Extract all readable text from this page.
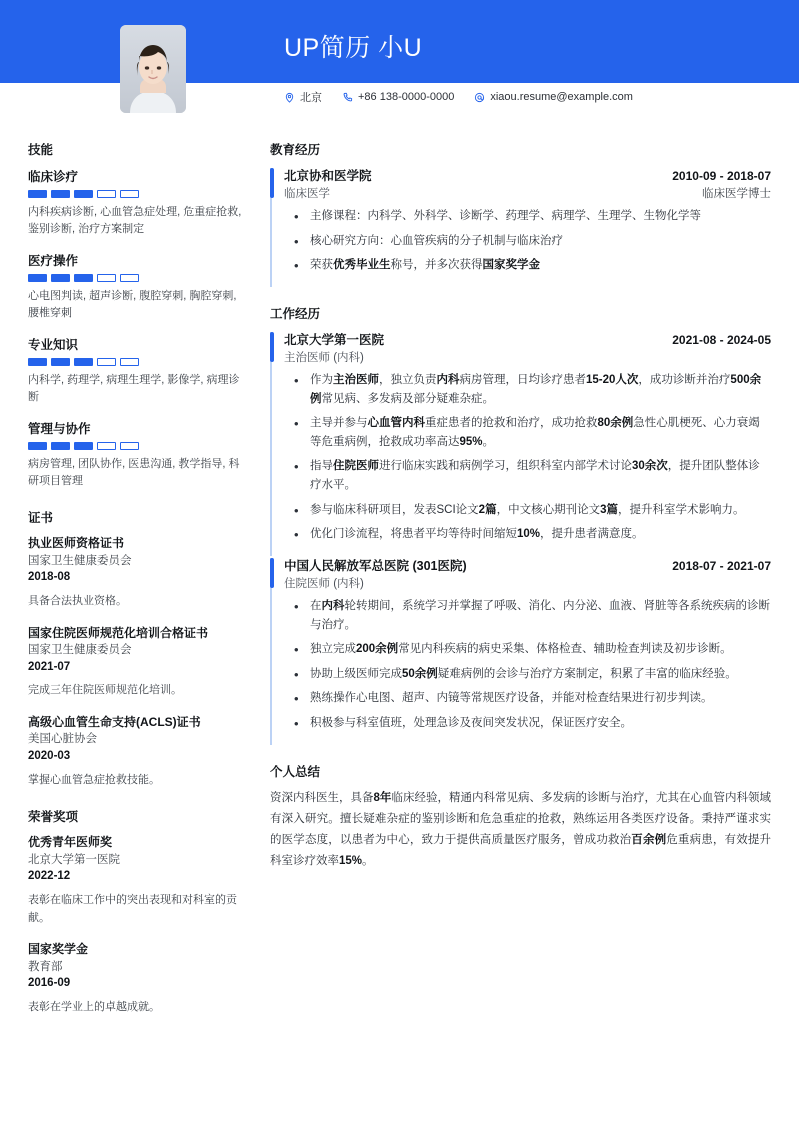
UP简历 小U
北京	+86 138-0000-0000	xiaou.resume@example.com
技能
临床诊疗
内科疾病诊断, 心血管急症处理, 危重症抢救, 鉴别诊断, 治疗方案制定
医疗操作
心电图判读, 超声诊断, 腹腔穿刺, 胸腔穿刺, 腰椎穿刺
专业知识
内科学, 药理学, 病理生理学, 影像学, 病理诊断
管理与协作
病房管理, 团队协作, 医患沟通, 教学指导, 科研项目管理
证书
执业医师资格证书
国家卫生健康委员会
2018-08
具备合法执业资格。
国家住院医师规范化培训合格证书
国家卫生健康委员会
2021-07
完成三年住院医师规范化培训。
高级心血管生命支持(ACLS)证书
美国心脏协会
2020-03
掌握心血管急症抢救技能。
荣誉奖项
优秀青年医师奖
北京大学第一医院
2022-12
表彰在临床工作中的突出表现和对科室的贡献。
国家奖学金
教育部
2016-09
表彰在学业上的卓越成就。
教育经历
北京协和医学院	2010-09 - 2018-07
临床医学	临床医学博士
• 主修课程：内科学、外科学、诊断学、药理学、病理学、生理学、生物化学等
• 核心研究方向：心血管疾病的分子机制与临床治疗
• 荣获优秀毕业生称号，并多次获得国家奖学金
工作经历
北京大学第一医院	2021-08 - 2024-05
主治医师 (内科)
• 作为主治医师，独立负责内科病房管理，日均诊疗患者15-20人次，成功诊断并治疗500余例常见病、多发病及部分疑难杂症。
• 主导并参与心血管内科重症患者的抢救和治疗，成功抢救80余例急性心肌梗死、心力衰竭等危重病例，抢救成功率高达95%。
• 指导住院医师进行临床实践和病例学习，组织科室内部学术讨论30余次，提升团队整体诊疗水平。
• 参与临床科研项目，发表SCI论文2篇，中文核心期刊论文3篇，提升科室学术影响力。
• 优化门诊流程，将患者平均等待时间缩短10%，提升患者满意度。
中国人民解放军总医院 (301医院)	2018-07 - 2021-07
住院医师 (内科)
• 在内科轮转期间，系统学习并掌握了呼吸、消化、内分泌、血液、肾脏等各系统疾病的诊断与治疗。
• 独立完成200余例常见内科疾病的病史采集、体格检查、辅助检查判读及初步诊断。
• 协助上级医师完成50余例疑难病例的会诊与治疗方案制定，积累了丰富的临床经验。
• 熟练操作心电图、超声、内镜等常规医疗设备，并能对检查结果进行初步判读。
• 积极参与科室值班，处理急诊及夜间突发状况，保证医疗安全。
个人总结
资深内科医生，具备8年临床经验，精通内科常见病、多发病的诊断与治疗，尤其在心血管内科领域有深入研究。擅长疑难杂症的鉴别诊断和危急重症的抢救，熟练运用各类医疗设备。秉持严谨求实的医学态度，以患者为中心，致力于提供高质量医疗服务，曾成功救治百余例危重病患，有效提升科室诊疗效率15%。
